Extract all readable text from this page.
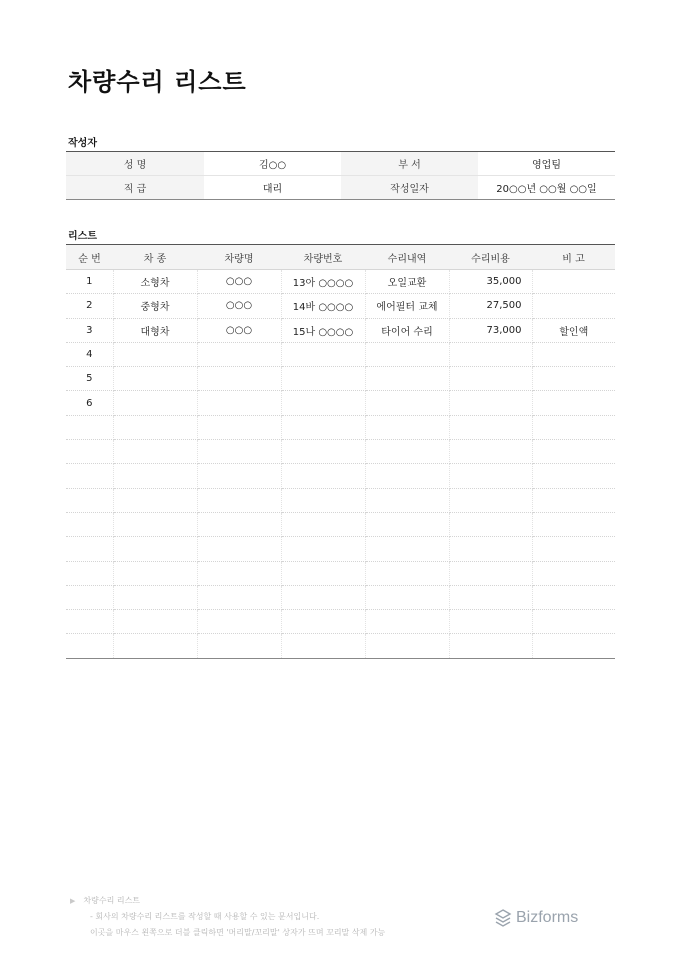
차량수리 리스트
작성자
성 명	김○○	부 서	영업팀
직 급	대리	작성일자	20○○년 ○○월 ○○일
리스트
순 번	차 종	차량명	차량번호	수리내역	수리비용	비 고
1	소형차	○○○	13아 ○○○○	오일교환	35,000	
2	중형차	○○○	14바 ○○○○	에어필터 교체	27,500	
3	대형차	○○○	15나 ○○○○	타이어 수리	73,000	할인액
4						
5						
6						

▶ 차량수리 리스트
- 회사의 차량수리 리스트를 작성할 때 사용할 수 있는 문서입니다.
이곳을 마우스 왼쪽으로 더블 클릭하면 '머리말/꼬리말' 상자가 뜨며 꼬리말 삭제 가능
Bizforms
